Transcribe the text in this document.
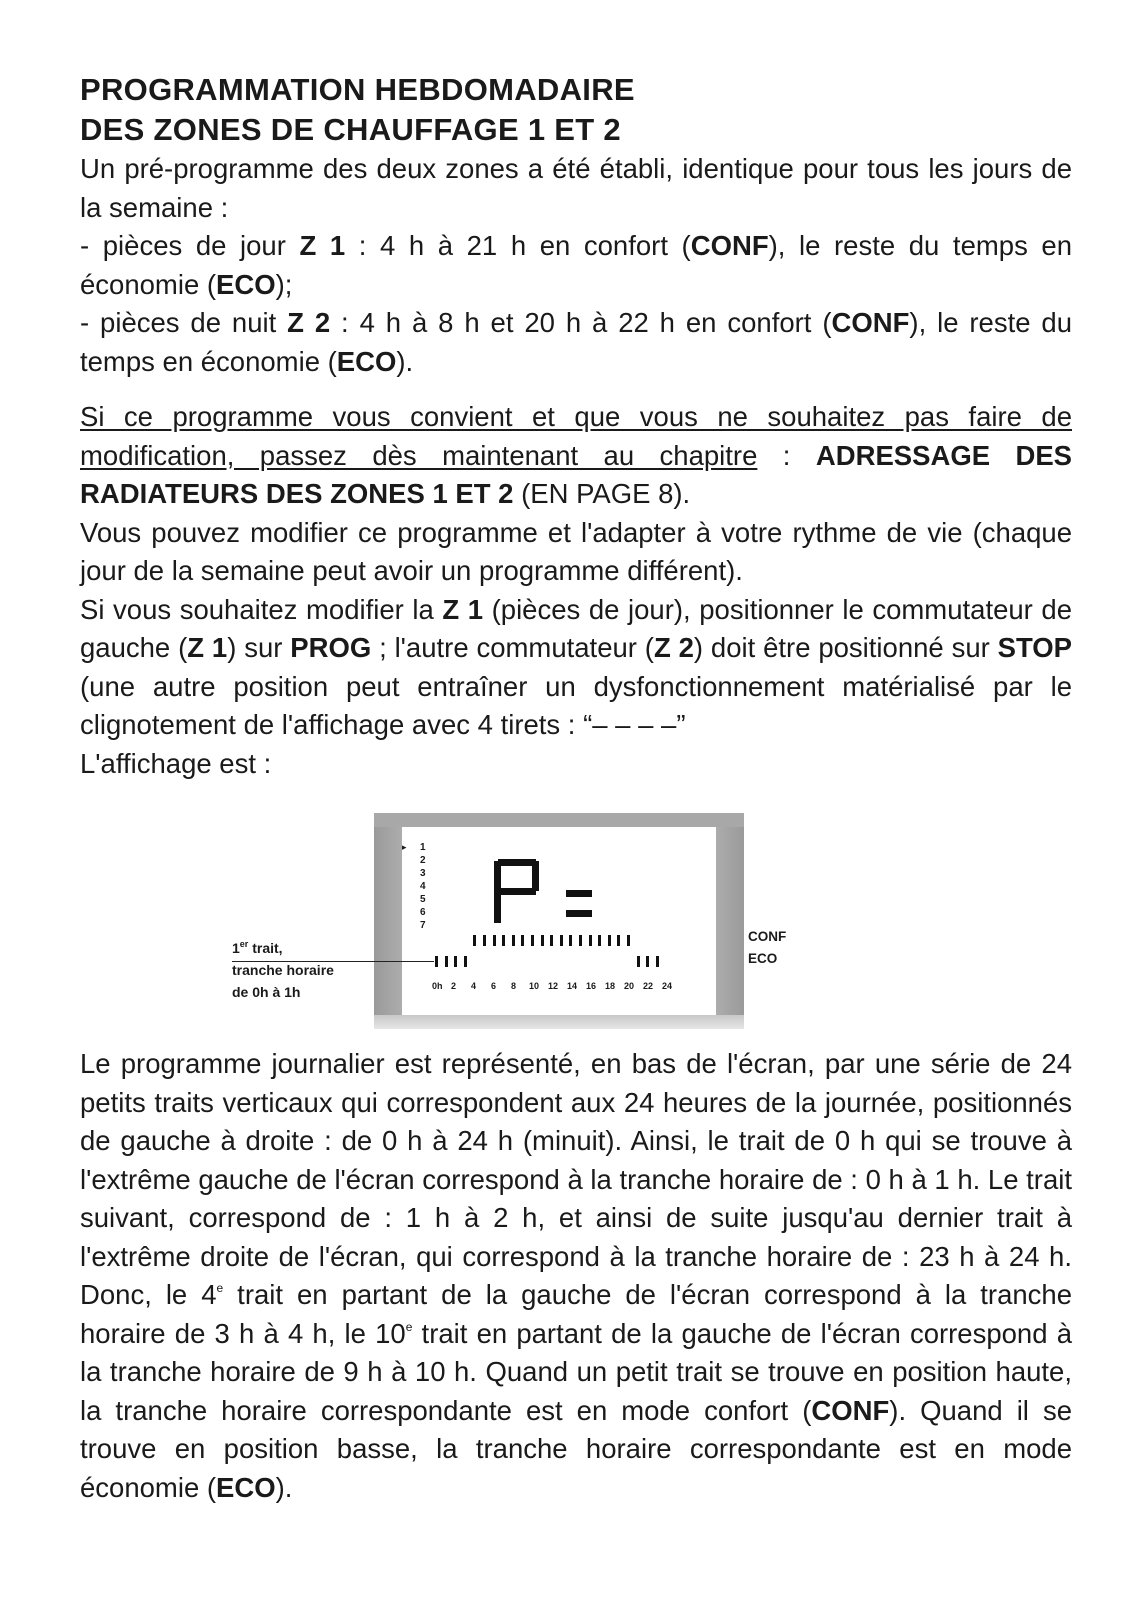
PROGRAMMATION HEBDOMADAIRE
DES ZONES DE CHAUFFAGE 1 ET 2

Un pré-programme des deux zones a été établi, identique pour tous les jours de la semaine :
- pièces de jour Z 1 : 4 h à 21 h en confort (CONF), le reste du temps en économie (ECO);
- pièces de nuit Z 2 : 4 h à 8 h et 20 h à 22 h en confort (CONF), le reste du temps en économie (ECO).

Si ce programme vous convient et que vous ne souhaitez pas faire de modification, passez dès maintenant au chapitre : ADRESSAGE DES RADIATEURS DES ZONES 1 ET 2 (EN PAGE 8).
Vous pouvez modifier ce programme et l'adapter à votre rythme de vie (chaque jour de la semaine peut avoir un programme différent).
Si vous souhaitez modifier la Z 1 (pièces de jour), positionner le commutateur de gauche (Z 1) sur PROG ; l'autre commutateur (Z 2) doit être positionné sur STOP (une autre position peut entraîner un dysfonctionnement matérialisé par le clignotement de l'affichage avec 4 tirets : “– – – –”
L'affichage est :

▸ 1
2
3
4
5
6
7
0h 2 4 6 8 10 12 14 16 18 20 22 24
1er trait,
tranche horaire
de 0h à 1h
CONF
ECO

Le programme journalier est représenté, en bas de l'écran, par une série de 24 petits traits verticaux qui correspondent aux 24 heures de la journée, positionnés de gauche à droite : de 0 h à 24 h (minuit). Ainsi, le trait de 0 h qui se trouve à l'extrême gauche de l'écran correspond à la tranche horaire de : 0 h à 1 h. Le trait suivant, correspond de : 1 h à 2 h, et ainsi de suite jusqu'au dernier trait à l'extrême droite de l'écran, qui correspond à la tranche horaire de : 23 h à 24 h. Donc, le 4e trait en partant de la gauche de l'écran correspond à la tranche horaire de 3 h à 4 h, le 10e trait en partant de la gauche de l'écran correspond à la tranche horaire de 9 h à 10 h. Quand un petit trait se trouve en position haute, la tranche horaire correspondante est en mode confort (CONF). Quand il se trouve en position basse, la tranche horaire correspondante est en mode économie (ECO).
